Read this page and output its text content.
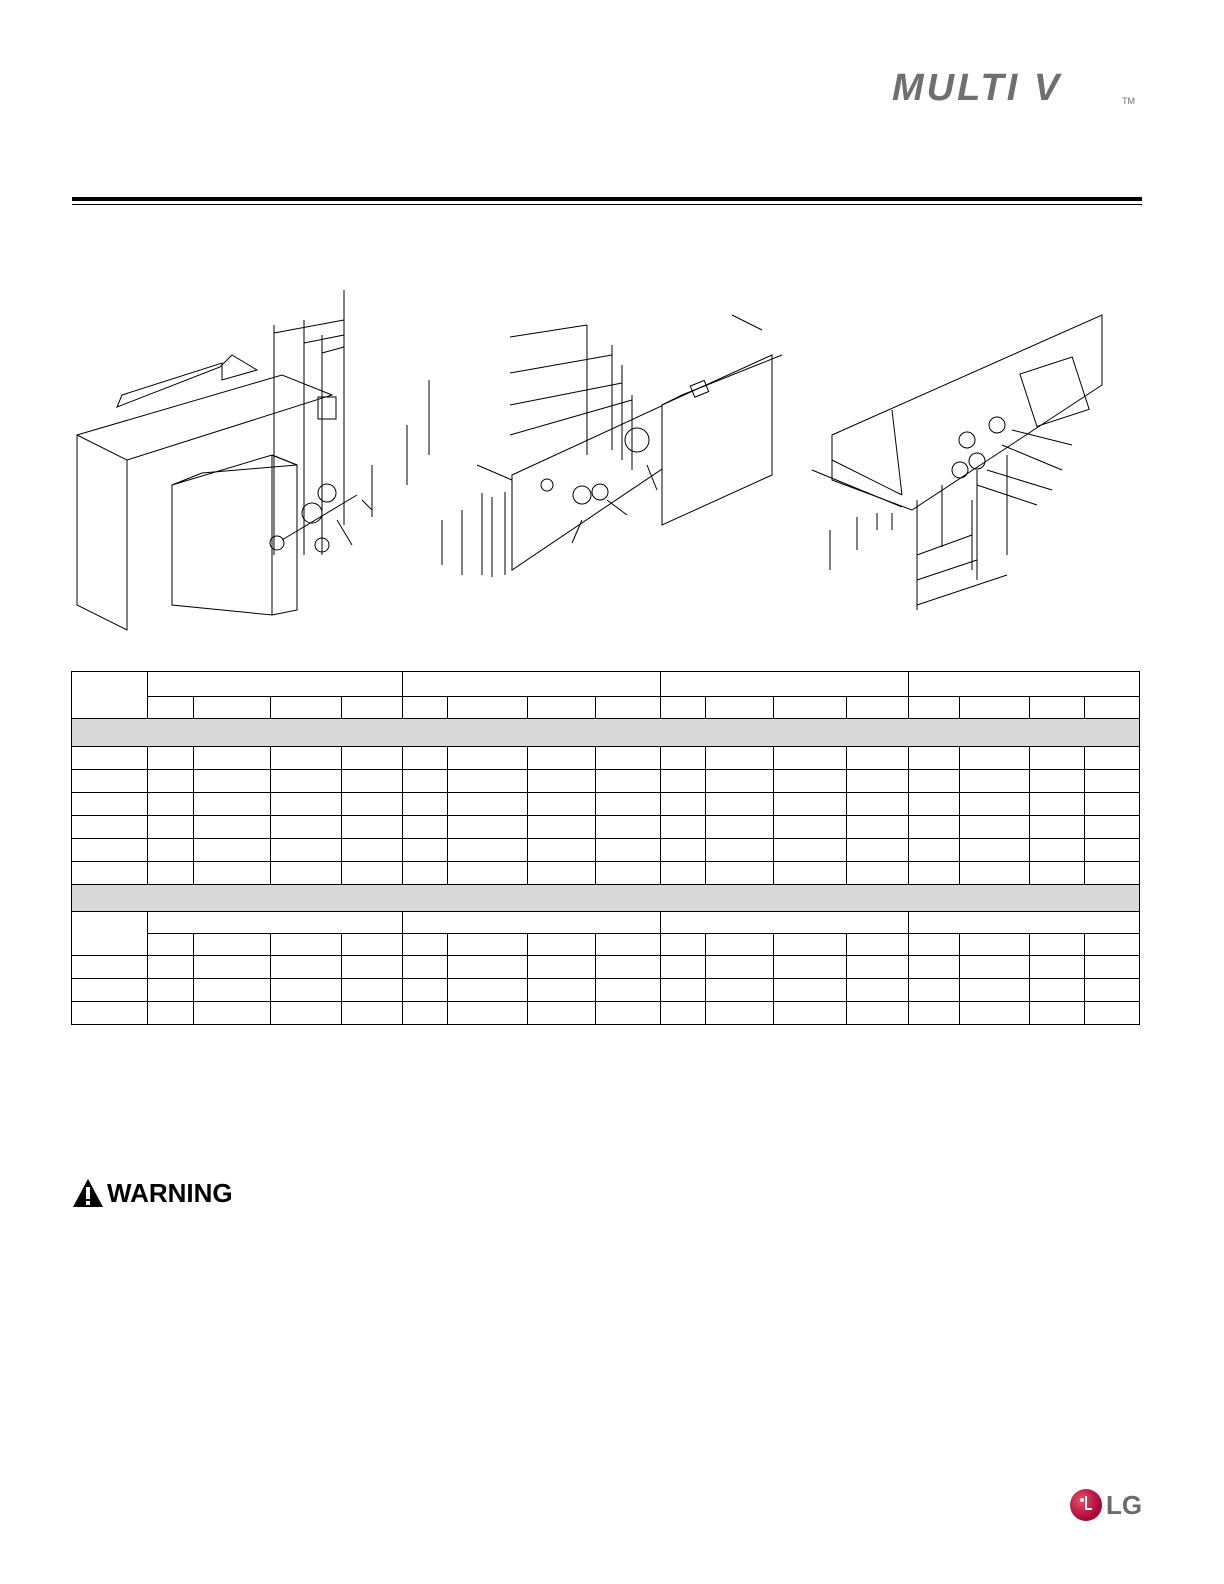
MULTI V	TM

WARNING
LG
